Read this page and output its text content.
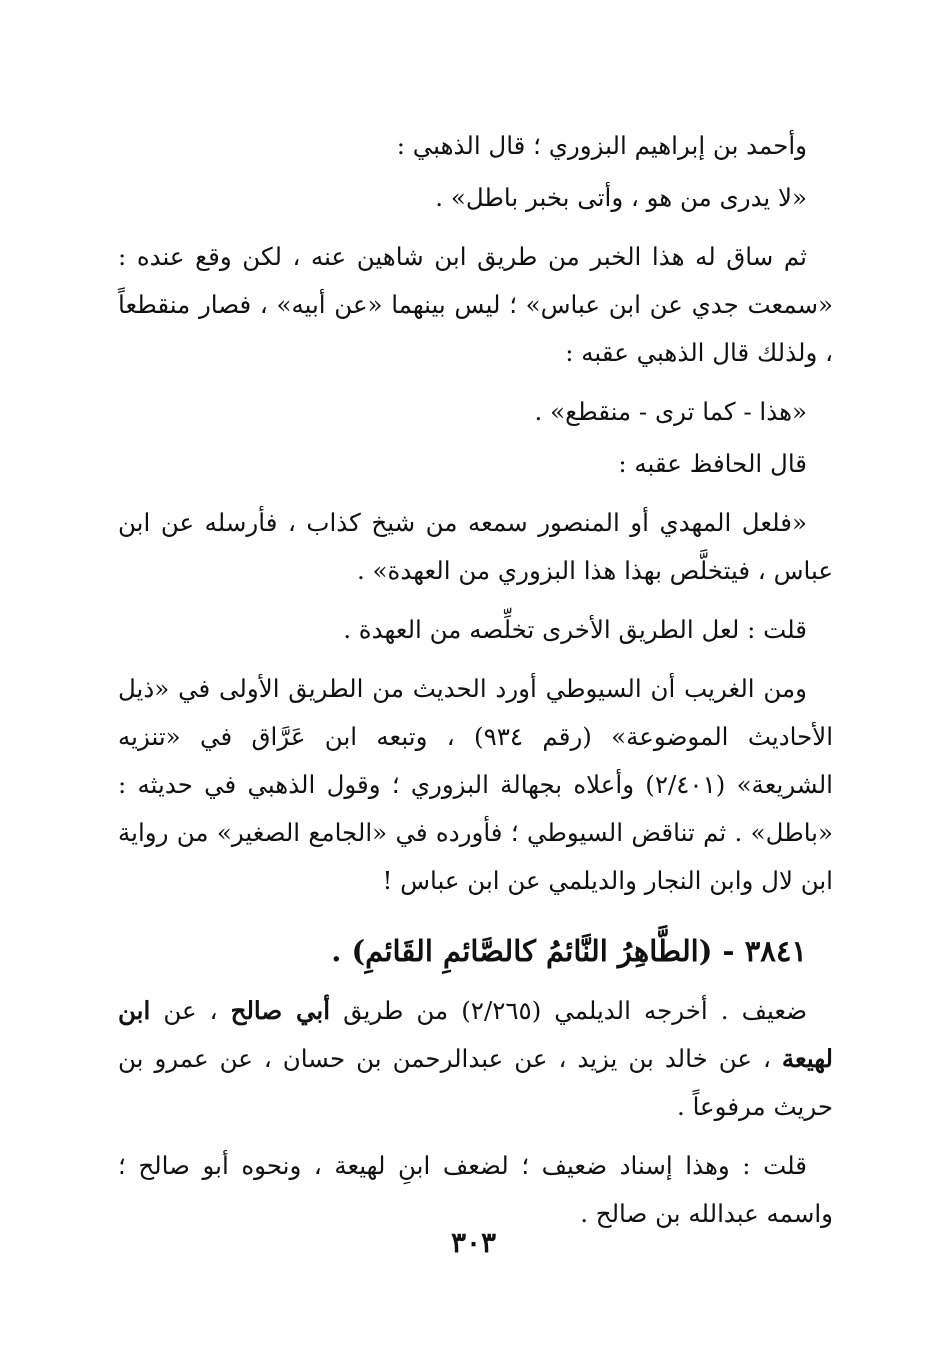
وأحمد بن إبراهيم البزوري ؛ قال الذهبي :

«لا يدرى من هو ، وأتى بخبر باطل» .

ثم ساق له هذا الخبر من طريق ابن شاهين عنه ، لكن وقع عنده : «سمعت جدي عن ابن عباس» ؛ ليس بينهما «عن أبيه» ، فصار منقطعاً ، ولذلك قال الذهبي عقبه :

«هذا - كما ترى - منقطع» .

قال الحافظ عقبه :

«فلعل المهدي أو المنصور سمعه من شيخ كذاب ، فأرسله عن ابن عباس ، فيتخلَّص بهذا هذا البزوري من العهدة» .

قلت : لعل الطريق الأخرى تخلِّصه من العهدة .

ومن الغريب أن السيوطي أورد الحديث من الطريق الأولى في «ذيل الأحاديث الموضوعة» (رقم ٩٣٤) ، وتبعه ابن عَرَّاق في «تنزيه الشريعة» (٢/٤٠١) وأعلاه بجهالة البزوري ؛ وقول الذهبي في حديثه : «باطل» . ثم تناقض السيوطي ؛ فأورده في «الجامع الصغير» من رواية ابن لال وابن النجار والديلمي عن ابن عباس !

٣٨٤١ - (الطَّاهِرُ النَّائمُ كالصَّائمِ القَائمِ) .

ضعيف . أخرجه الديلمي (٢/٢٦٥) من طريق أبي صالح ، عن ابن لهيعة ، عن خالد بن يزيد ، عن عبدالرحمن بن حسان ، عن عمرو بن حريث مرفوعاً .

قلت : وهذا إسناد ضعيف ؛ لضعف ابنِ لهيعة ، ونحوه أبو صالح ؛ واسمه عبدالله بن صالح .

٣٠٣
